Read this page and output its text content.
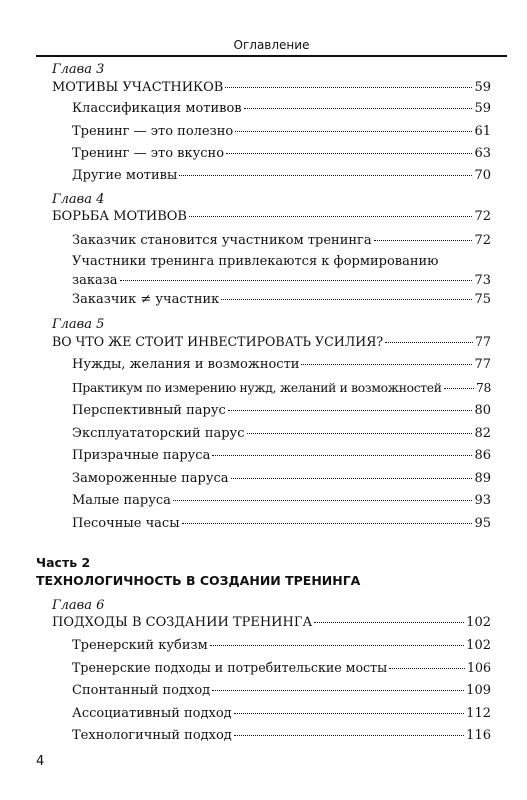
Оглавление
Глава 3
МОТИВЫ УЧАСТНИКОВ	59
Классификация мотивов	59
Тренинг — это полезно	61
Тренинг — это вкусно	63
Другие мотивы	70
Глава 4
БОРЬБА МОТИВОВ	72
Заказчик становится участником тренинга	72
Участники тренинга привлекаются к формированию
заказа	73
Заказчик ≠ участник	75
Глава 5
ВО ЧТО ЖЕ СТОИТ ИНВЕСТИРОВАТЬ УСИЛИЯ?	77
Нужды, желания и возможности	77
Практикум по измерению нужд, желаний и возможностей	78
Перспективный парус	80
Эксплуататорский парус	82
Призрачные паруса	86
Замороженные паруса	89
Малые паруса	93
Песочные часы	95
Часть 2
ТЕХНОЛОГИЧНОСТЬ В СОЗДАНИИ ТРЕНИНГА
Глава 6
ПОДХОДЫ В СОЗДАНИИ ТРЕНИНГА	102
Тренерский кубизм	102
Тренерские подходы и потребительские мосты	106
Спонтанный подход	109
Ассоциативный подход	112
Технологичный подход	116
4
